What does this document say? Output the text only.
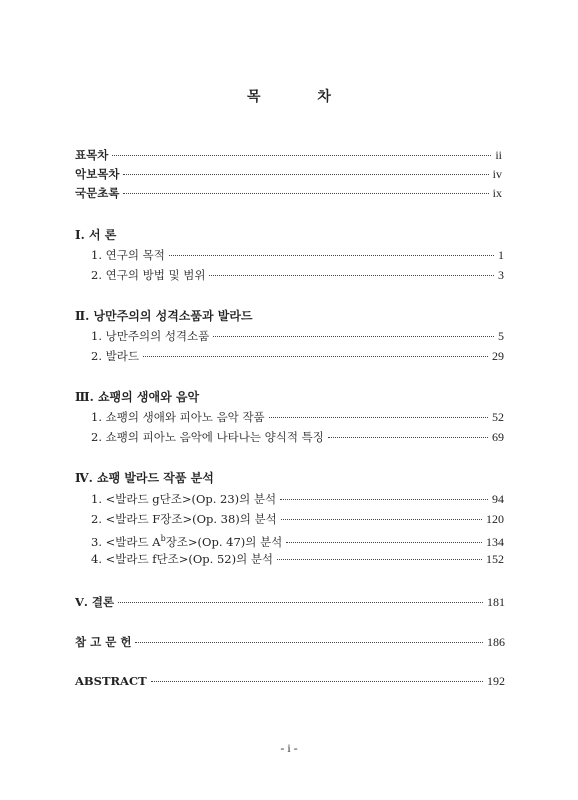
목 차
표목차	ii
악보목차	iv
국문초록	ix
Ⅰ. 서 론
1. 연구의 목적	1
2. 연구의 방법 및 범위	3
Ⅱ. 낭만주의의 성격소품과 발라드
1. 낭만주의의 성격소품	5
2. 발라드	29
Ⅲ. 쇼팽의 생애와 음악
1. 쇼팽의 생애와 피아노 음악 작품	52
2. 쇼팽의 피아노 음악에 나타나는 양식적 특징	69
Ⅳ. 쇼팽 발라드 작품 분석
1. <발라드 g단조>(Op. 23)의 분석	94
2. <발라드 F장조>(Op. 38)의 분석	120
3. <발라드 $A^b$장조>(Op. 47)의 분석	134
4. <발라드 f단조>(Op. 52)의 분석	152
Ⅴ. 결론	181
참 고 문 헌	186
ABSTRACT	192
- i -
